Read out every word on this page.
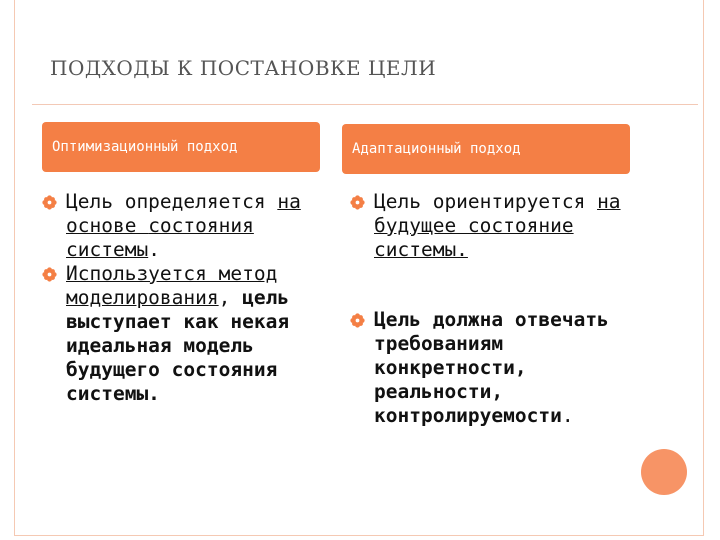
ПОДХОДЫ К ПОСТАНОВКЕ ЦЕЛИ
Оптимизационный подход	Адаптационный подход
Цель определяется на основе состояния системы.
Используется метод моделирования, цель выступает как некая идеальная модель будущего состояния системы.
Цель ориентируется на будущее состояние системы.
Цель должна отвечать требованиям конкретности, реальности, контролируемости.
